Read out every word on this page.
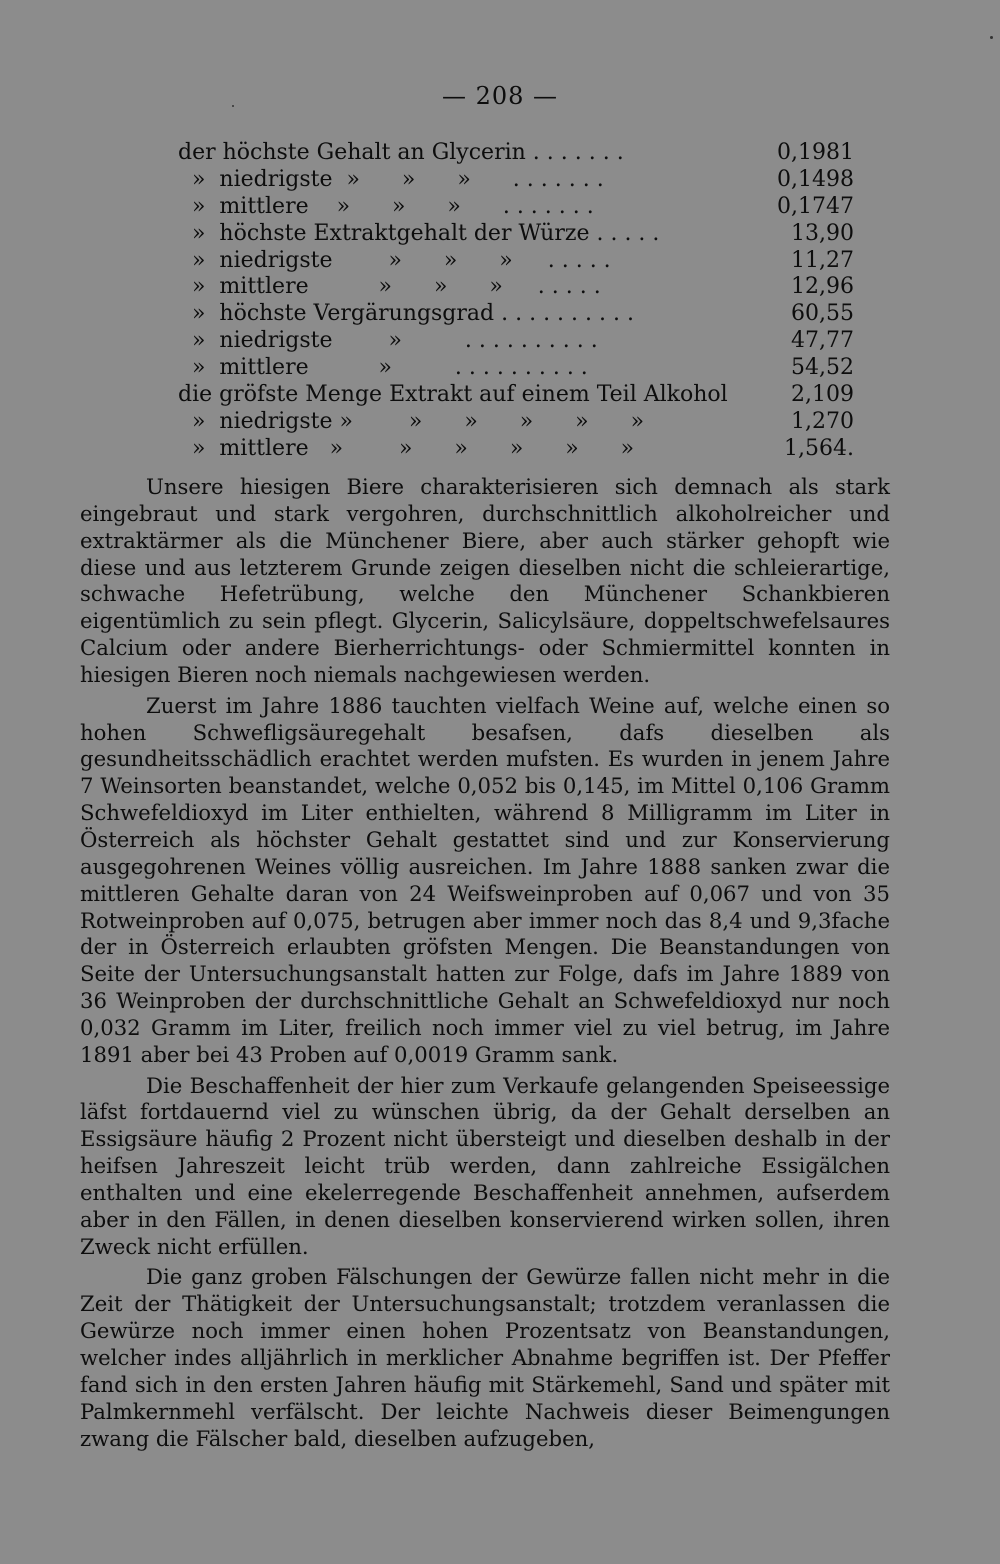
— 208 —
der höchste Gehalt an Glycerin . . . . . . .	0,1981
»  niedrigste  »      »      »      . . . . . . .	0,1498
»  mittlere    »      »      »      . . . . . . .	0,1747
»  höchste Extraktgehalt der Würze . . . . .	13,90
»  niedrigste        »      »      »     . . . . .	11,27
»  mittlere          »      »      »     . . . . .	12,96
»  höchste Vergärungsgrad . . . . . . . . . .	60,55
»  niedrigste        »         . . . . . . . . . .	47,77
»  mittlere          »         . . . . . . . . . .	54,52
die gröfste Menge Extrakt auf einem Teil Alkohol	2,109
»  niedrigste »        »      »      »      »      »	1,270
»  mittlere   »        »      »      »      »      »	1,564.

Unsere hiesigen Biere charakterisieren sich demnach als stark eingebraut und stark vergohren, durchschnittlich alkoholreicher und extraktärmer als die Münchener Biere, aber auch stärker gehopft wie diese und aus letzterem Grunde zeigen dieselben nicht die schleierartige, schwache Hefetrübung, welche den Münchener Schankbieren eigentümlich zu sein pflegt. Glycerin, Salicylsäure, doppeltschwefelsaures Calcium oder andere Bierherrichtungs- oder Schmiermittel konnten in hiesigen Bieren noch niemals nachgewiesen werden.

Zuerst im Jahre 1886 tauchten vielfach Weine auf, welche einen so hohen Schwefligsäuregehalt besafsen, dafs dieselben als gesundheitsschädlich erachtet werden mufsten. Es wurden in jenem Jahre 7 Weinsorten beanstandet, welche 0,052 bis 0,145, im Mittel 0,106 Gramm Schwefeldioxyd im Liter enthielten, während 8 Milligramm im Liter in Österreich als höchster Gehalt gestattet sind und zur Konservierung ausgegohrenen Weines völlig ausreichen. Im Jahre 1888 sanken zwar die mittleren Gehalte daran von 24 Weifsweinproben auf 0,067 und von 35 Rotweinproben auf 0,075, betrugen aber immer noch das 8,4 und 9,3fache der in Österreich erlaubten gröfsten Mengen. Die Beanstandungen von Seite der Untersuchungsanstalt hatten zur Folge, dafs im Jahre 1889 von 36 Weinproben der durchschnittliche Gehalt an Schwefeldioxyd nur noch 0,032 Gramm im Liter, freilich noch immer viel zu viel betrug, im Jahre 1891 aber bei 43 Proben auf 0,0019 Gramm sank.

Die Beschaffenheit der hier zum Verkaufe gelangenden Speiseessige läfst fortdauernd viel zu wünschen übrig, da der Gehalt derselben an Essigsäure häufig 2 Prozent nicht übersteigt und dieselben deshalb in der heifsen Jahreszeit leicht trüb werden, dann zahlreiche Essigälchen enthalten und eine ekelerregende Beschaffenheit annehmen, aufserdem aber in den Fällen, in denen dieselben konservierend wirken sollen, ihren Zweck nicht erfüllen.

Die ganz groben Fälschungen der Gewürze fallen nicht mehr in die Zeit der Thätigkeit der Untersuchungsanstalt; trotzdem veranlassen die Gewürze noch immer einen hohen Prozentsatz von Beanstandungen, welcher indes alljährlich in merklicher Abnahme begriffen ist. Der Pfeffer fand sich in den ersten Jahren häufig mit Stärkemehl, Sand und später mit Palmkernmehl verfälscht. Der leichte Nachweis dieser Beimengungen zwang die Fälscher bald, dieselben aufzugeben,
